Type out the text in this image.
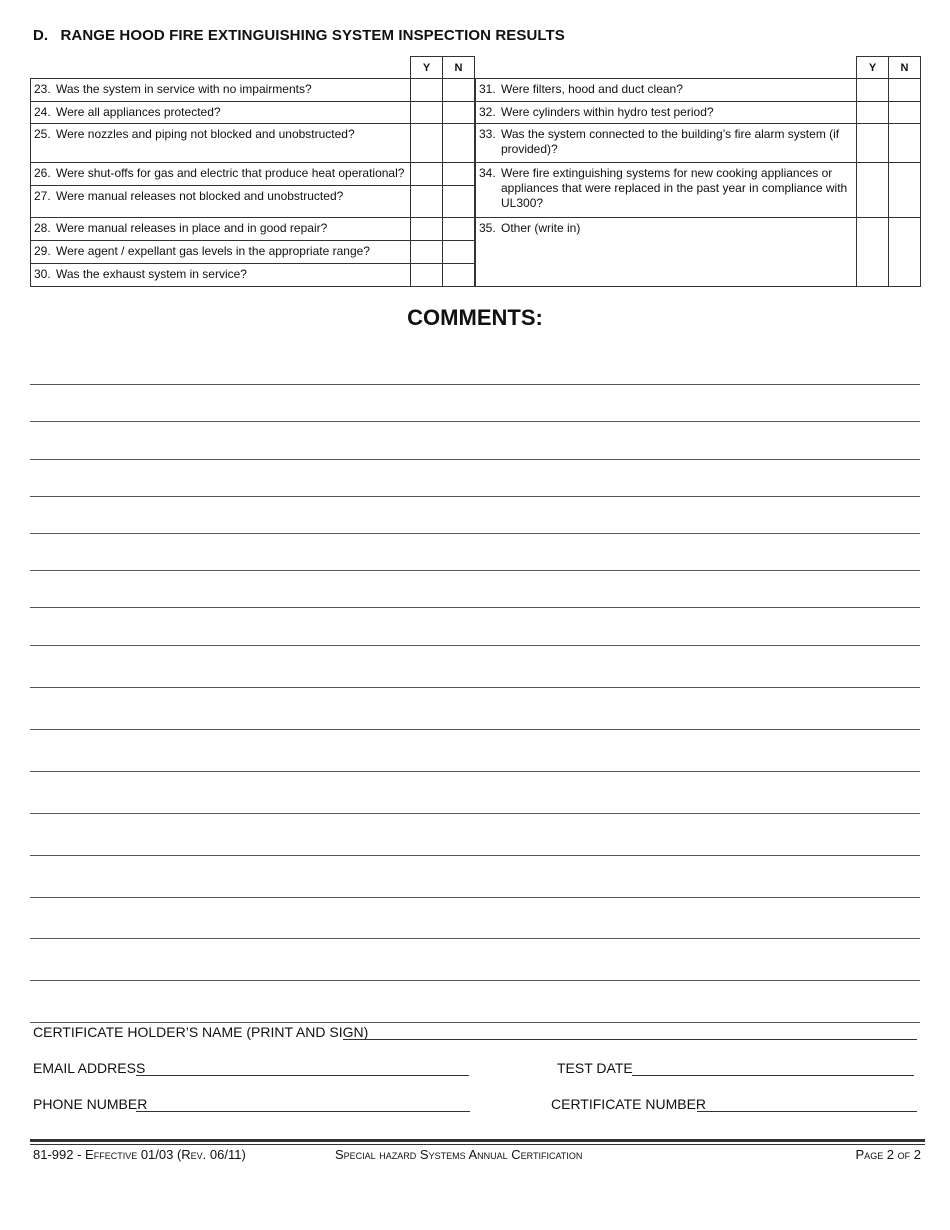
D. RANGE HOOD FIRE EXTINGUISHING SYSTEM INSPECTION RESULTS
	Y	N

23. Was the system in service with no impairments?		

24. Were all appliances protected?		

25. Were nozzles and piping not blocked and unobstructed?		

26. Were shut-offs for gas and electric that produce heat operational?		

27. Were manual releases not blocked and unobstructed?		

28. Were manual releases in place and in good repair?		

29. Were agent / expellant gas levels in the appropriate range?		

30. Was the exhaust system in service?		

	Y	N

31. Were filters, hood and duct clean?		

32. Were cylinders within hydro test period?		

33. Was the system connected to the building’s fire alarm system (if provided)?		

34. Were fire extinguishing systems for new cooking appliances or appliances that were replaced in the past year in compliance with UL300?		

35. Other (write in)		

COMMENTS:
CERTIFICATE HOLDER’S NAME (PRINT AND SIGN)
EMAIL ADDRESS	TEST DATE
PHONE NUMBER	CERTIFICATE NUMBER
81-992 - Effective 01/03 (Rev. 06/11)	Special hazard Systems Annual Certification	Page 2 of 2
